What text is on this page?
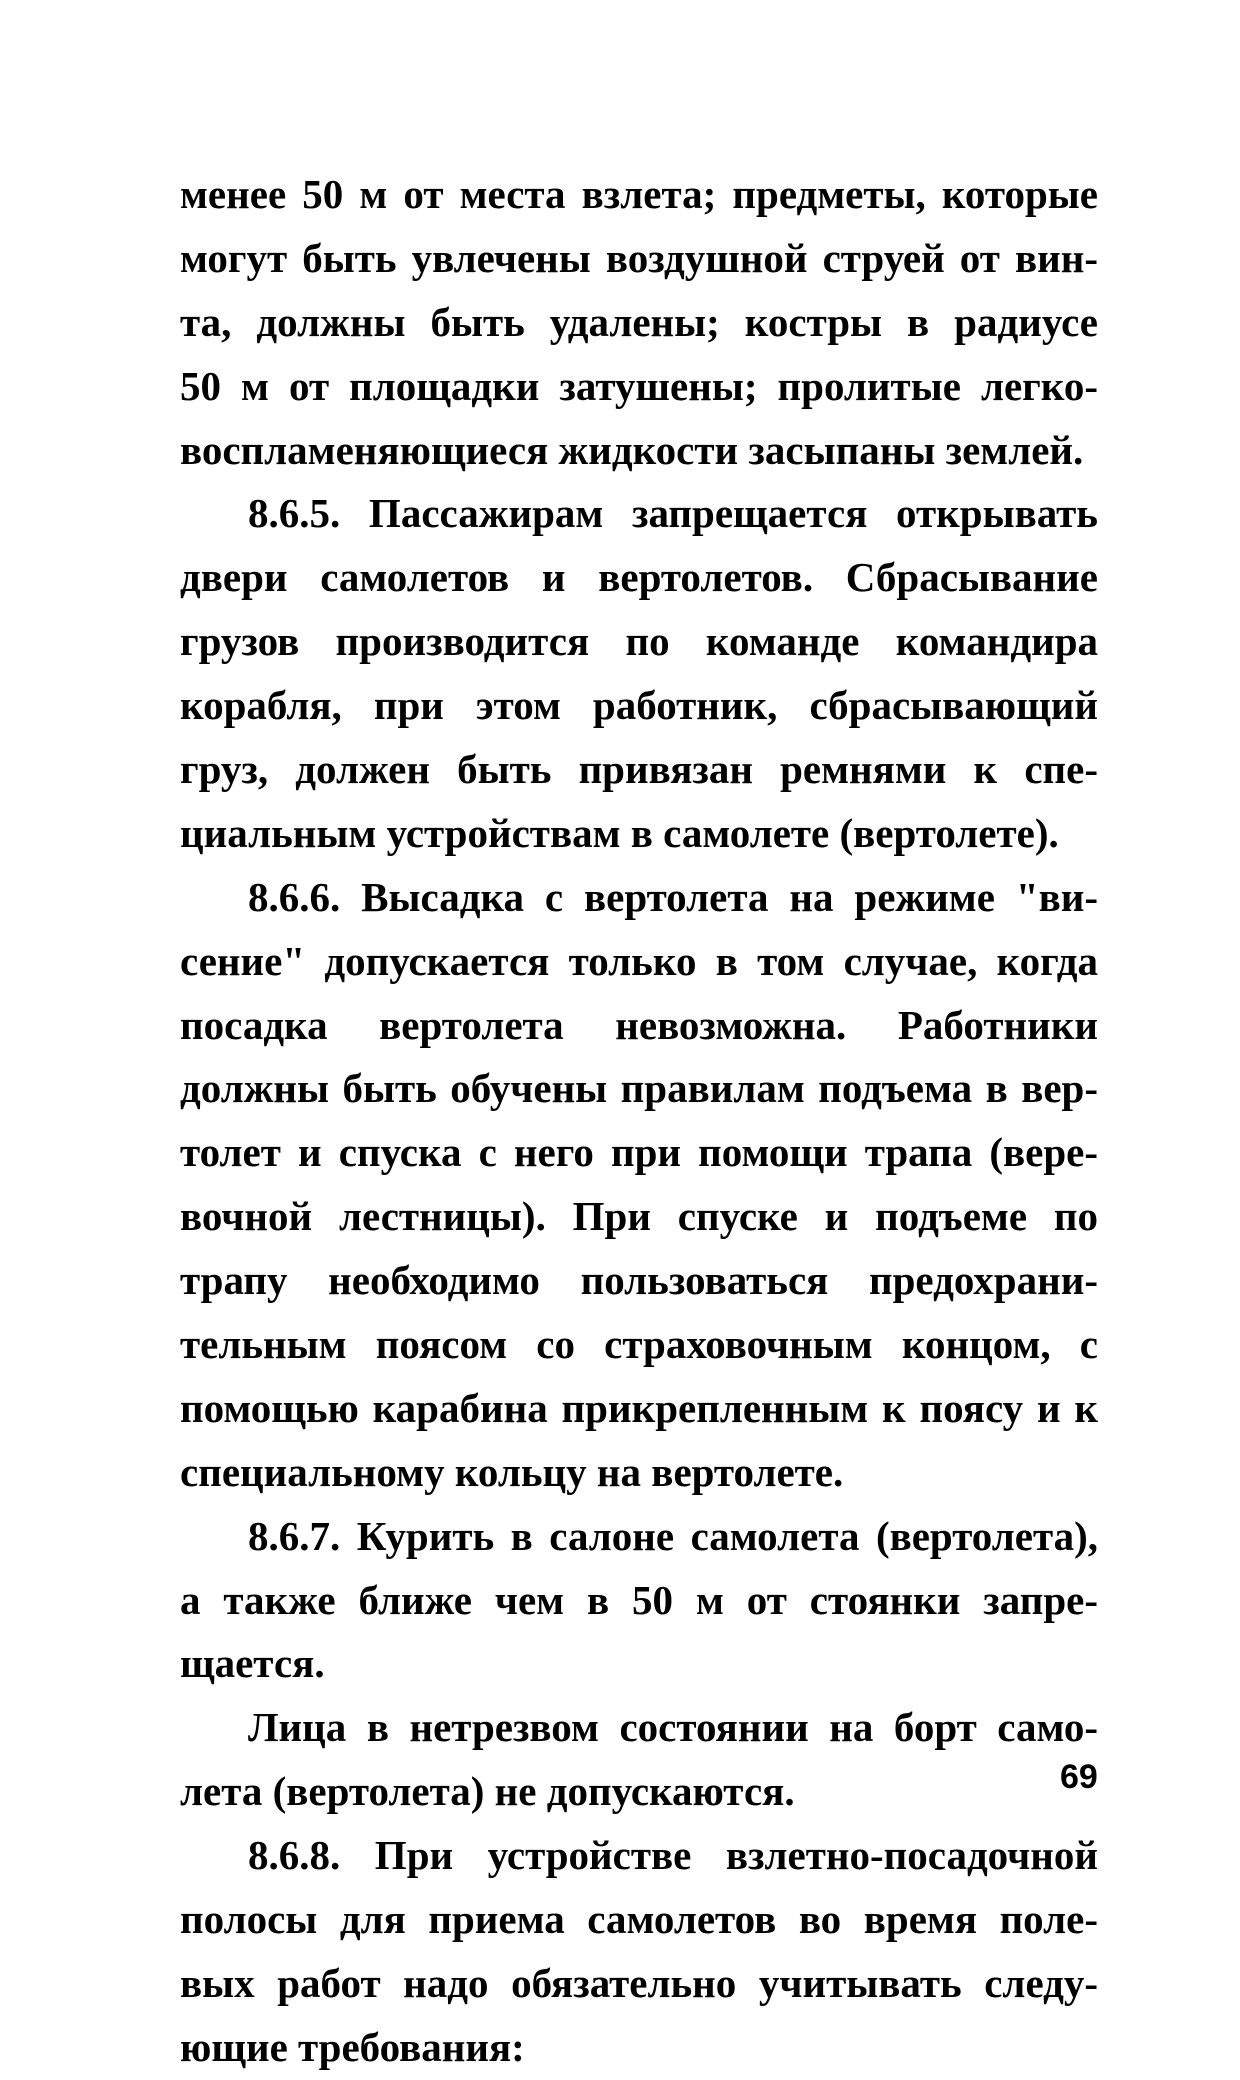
менее 50 м от места взлета; предметы, которые
могут быть увлечены воздушной струей от вин-
та, должны быть удалены; костры в радиусе
50 м от площадки затушены; пролитые легко-
воспламеняющиеся жидкости засыпаны землей.
8.6.5. Пассажирам запрещается открывать
двери самолетов и вертолетов. Сбрасывание
грузов производится по команде командира
корабля, при этом работник, сбрасывающий
груз, должен быть привязан ремнями к спе-
циальным устройствам в самолете (вертолете).
8.6.6. Высадка с вертолета на режиме "ви-
сение" допускается только в том случае, когда
посадка вертолета невозможна. Работники
должны быть обучены правилам подъема в вер-
толет и спуска с него при помощи трапа (вере-
вочной лестницы). При спуске и подъеме по
трапу необходимо пользоваться предохрани-
тельным поясом со страховочным концом, с
помощью карабина прикрепленным к поясу и к
специальному кольцу на вертолете.
8.6.7. Курить в салоне самолета (вертолета),
а также ближе чем в 50 м от стоянки запре-
щается.
Лица в нетрезвом состоянии на борт само-
лета (вертолета) не допускаются.
8.6.8. При устройстве взлетно-посадочной
полосы для приема самолетов во время поле-
вых работ надо обязательно учитывать следу-
ющие требования:
69
